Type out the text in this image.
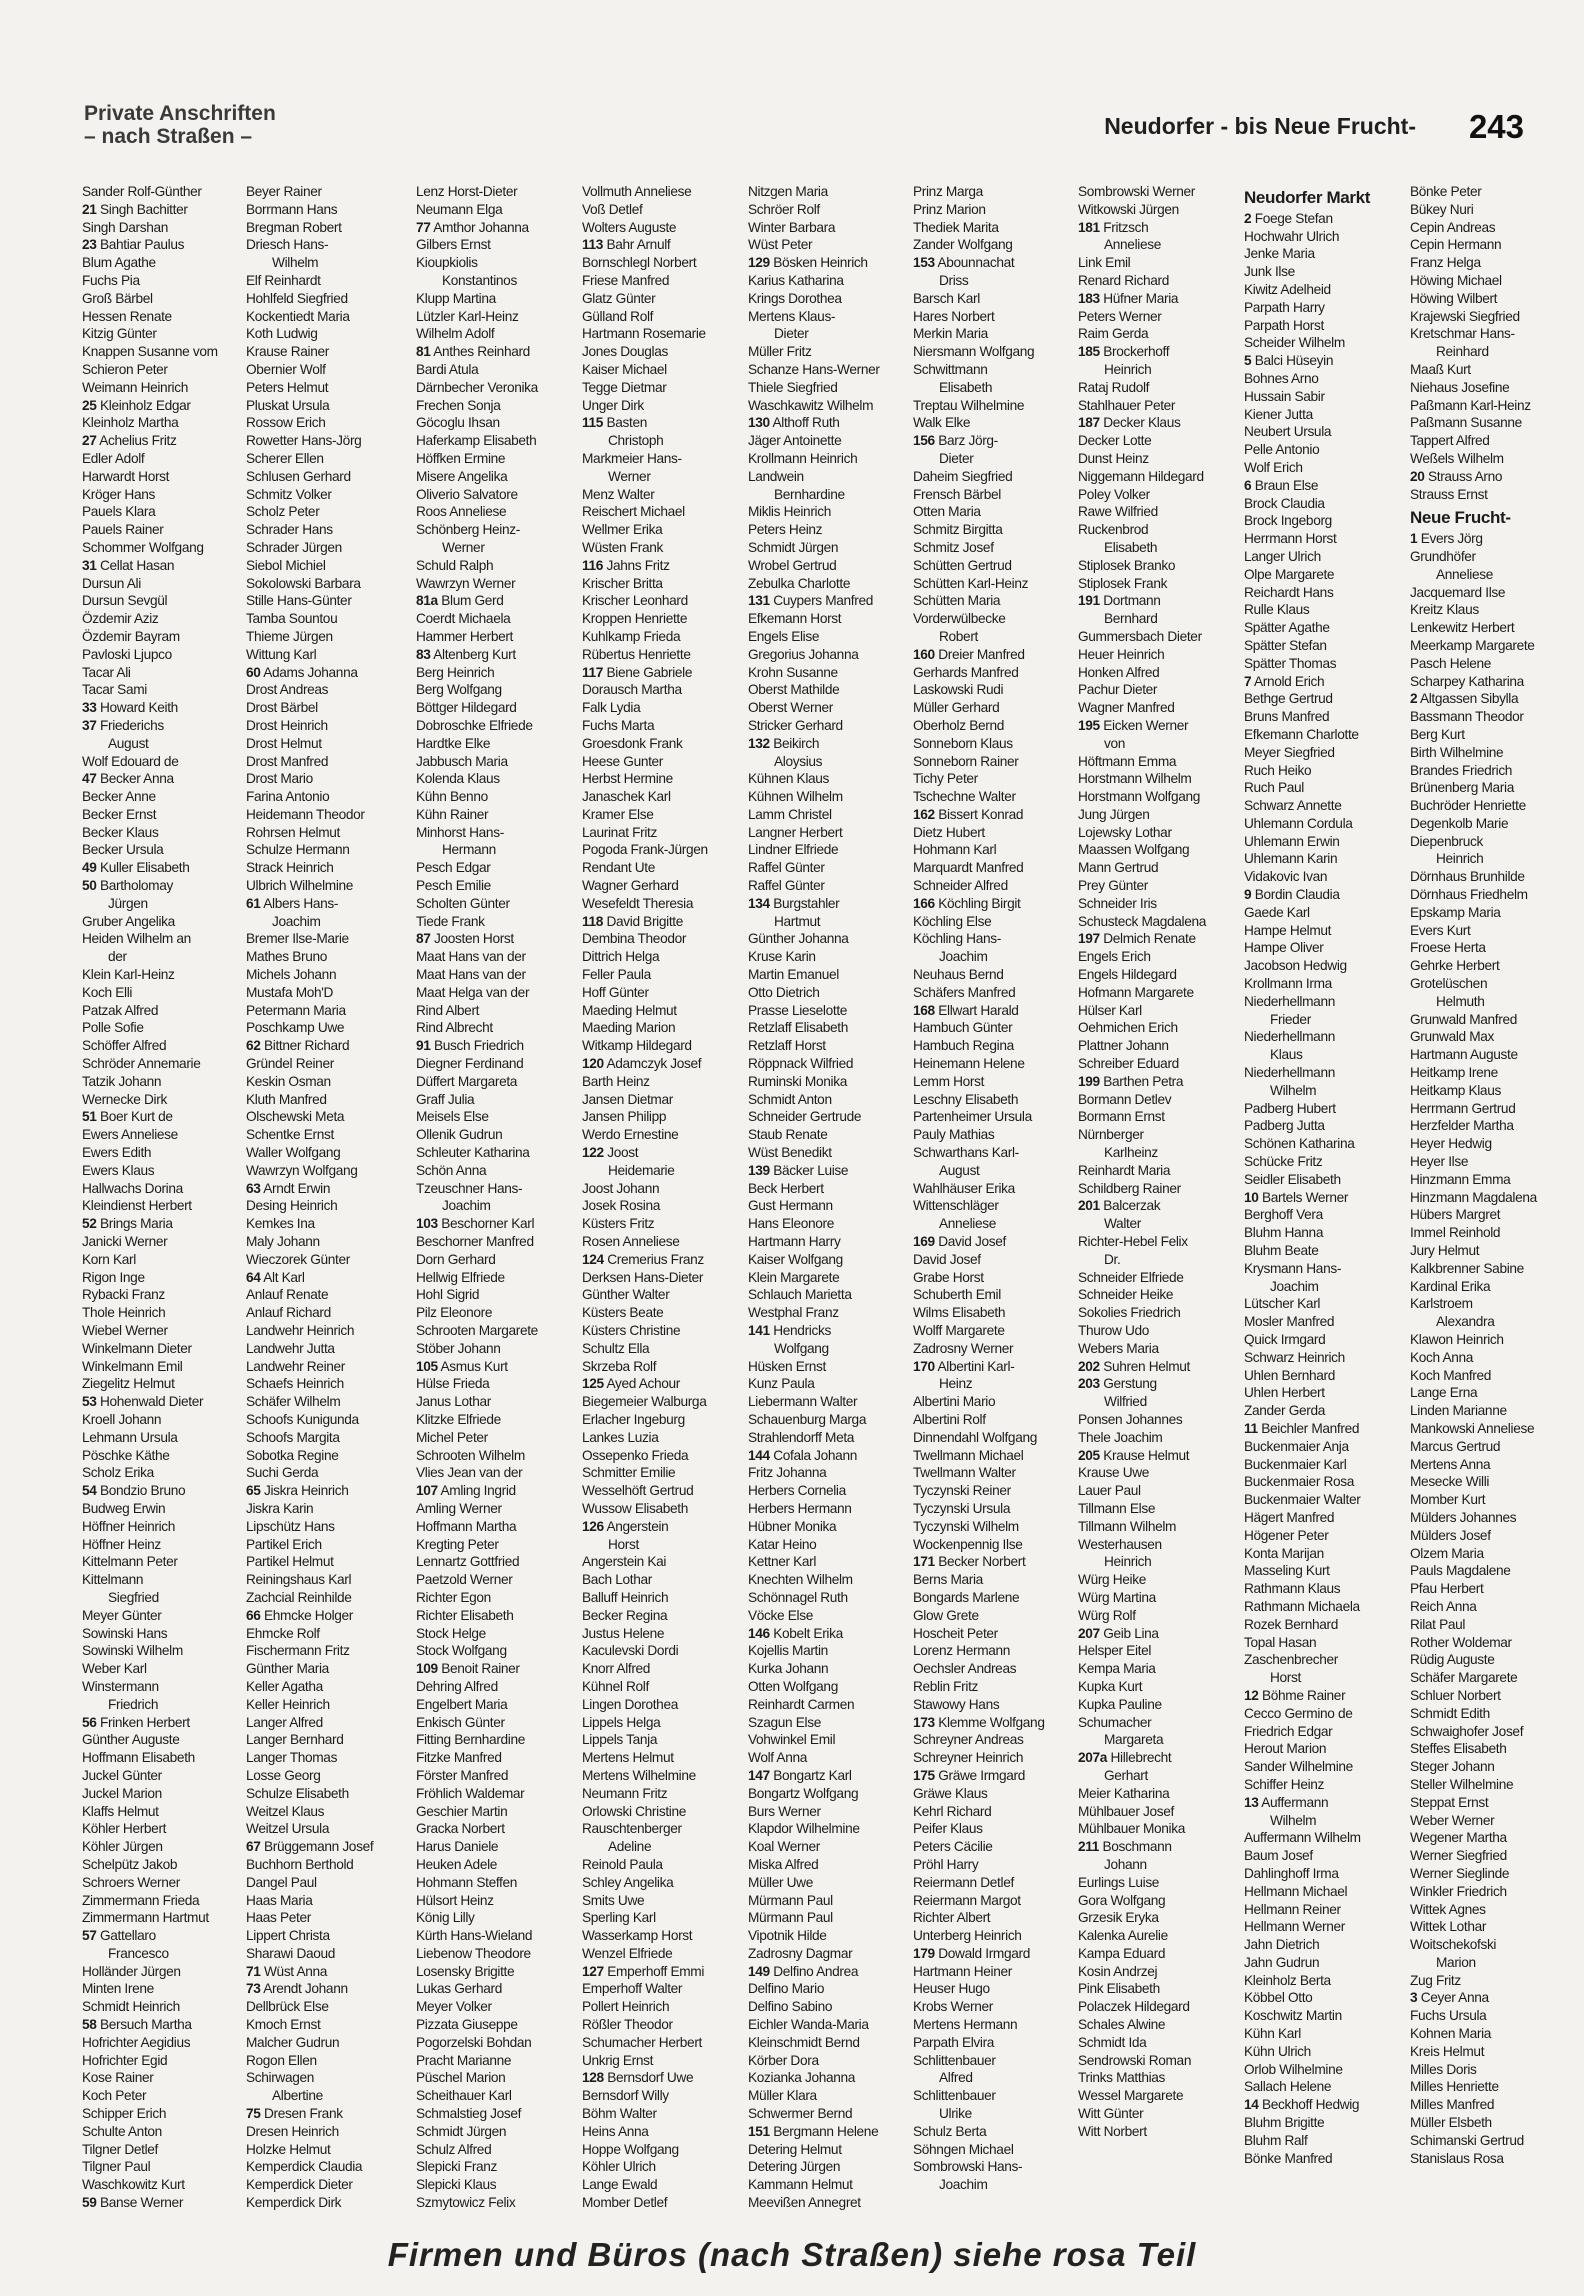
Private Anschriften
– nach Straßen –	Neudorfer - bis Neue Frucht- 243
Sander Rolf-Günther
21 Singh Bachitter
Singh Darshan
23 Bahtiar Paulus
Blum Agathe
Fuchs Pia
Groß Bärbel
Hessen Renate
Kitzig Günter
Knappen Susanne vom
Schieron Peter
Weimann Heinrich
25 Kleinholz Edgar
Kleinholz Martha
27 Achelius Fritz
Edler Adolf
Harwardt Horst
Kröger Hans
Pauels Klara
Pauels Rainer
Schommer Wolfgang
31 Cellat Hasan
Dursun Ali
Dursun Sevgül
Özdemir Aziz
Özdemir Bayram
Pavloski Ljupco
Tacar Ali
Tacar Sami
33 Howard Keith
37 Friederichs
August
Wolf Edouard de
47 Becker Anna
Becker Anne
Becker Ernst
Becker Klaus
Becker Ursula
49 Kuller Elisabeth
50 Bartholomay
Jürgen
Gruber Angelika
Heiden Wilhelm an
der
Klein Karl-Heinz
Koch Elli
Patzak Alfred
Polle Sofie
Schöffer Alfred
Schröder Annemarie
Tatzik Johann
Wernecke Dirk
51 Boer Kurt de
Ewers Anneliese
Ewers Edith
Ewers Klaus
Hallwachs Dorina
Kleindienst Herbert
52 Brings Maria
Janicki Werner
Korn Karl
Rigon Inge
Rybacki Franz
Thole Heinrich
Wiebel Werner
Winkelmann Dieter
Winkelmann Emil
Ziegelitz Helmut
53 Hohenwald Dieter
Kroell Johann
Lehmann Ursula
Pöschke Käthe
Scholz Erika
54 Bondzio Bruno
Budweg Erwin
Höffner Heinrich
Höffner Heinz
Kittelmann Peter
Kittelmann
Siegfried
Meyer Günter
Sowinski Hans
Sowinski Wilhelm
Weber Karl
Winstermann
Friedrich
56 Frinken Herbert
Günther Auguste
Hoffmann Elisabeth
Juckel Günter
Juckel Marion
Klaffs Helmut
Köhler Herbert
Köhler Jürgen
Schelpütz Jakob
Schroers Werner
Zimmermann Frieda
Zimmermann Hartmut
57 Gattellaro
Francesco
Holländer Jürgen
Minten Irene
Schmidt Heinrich
58 Bersuch Martha
Hofrichter Aegidius
Hofrichter Egid
Kose Rainer
Koch Peter
Schipper Erich
Schulte Anton
Tilgner Detlef
Tilgner Paul
Waschkowitz Kurt
59 Banse Werner
Beyer Rainer
Borrmann Hans
Bregman Robert
Driesch Hans-
Wilhelm
Elf Reinhardt
Hohlfeld Siegfried
Kockentiedt Maria
Koth Ludwig
Krause Rainer
Obernier Wolf
Peters Helmut
Pluskat Ursula
Rossow Erich
Rowetter Hans-Jörg
Scherer Ellen
Schlusen Gerhard
Schmitz Volker
Scholz Peter
Schrader Hans
Schrader Jürgen
Siebol Michiel
Sokolowski Barbara
Stille Hans-Günter
Tamba Sountou
Thieme Jürgen
Wittung Karl
60 Adams Johanna
Drost Andreas
Drost Bärbel
Drost Heinrich
Drost Helmut
Drost Manfred
Drost Mario
Farina Antonio
Heidemann Theodor
Rohrsen Helmut
Schulze Hermann
Strack Heinrich
Ulbrich Wilhelmine
61 Albers Hans-
Joachim
Bremer Ilse-Marie
Mathes Bruno
Michels Johann
Mustafa Moh'D
Petermann Maria
Poschkamp Uwe
62 Bittner Richard
Gründel Reiner
Keskin Osman
Kluth Manfred
Olschewski Meta
Schentke Ernst
Waller Wolfgang
Wawrzyn Wolfgang
63 Arndt Erwin
Desing Heinrich
Kemkes Ina
Maly Johann
Wieczorek Günter
64 Alt Karl
Anlauf Renate
Anlauf Richard
Landwehr Heinrich
Landwehr Jutta
Landwehr Reiner
Schaefs Heinrich
Schäfer Wilhelm
Schoofs Kunigunda
Schoofs Margita
Sobotka Regine
Suchi Gerda
65 Jiskra Heinrich
Jiskra Karin
Lipschütz Hans
Partikel Erich
Partikel Helmut
Reiningshaus Karl
Zachcial Reinhilde
66 Ehmcke Holger
Ehmcke Rolf
Fischermann Fritz
Günther Maria
Keller Agatha
Keller Heinrich
Langer Alfred
Langer Bernhard
Langer Thomas
Losse Georg
Schulze Elisabeth
Weitzel Klaus
Weitzel Ursula
67 Brüggemann Josef
Buchhorn Berthold
Dangel Paul
Haas Maria
Haas Peter
Lippert Christa
Sharawi Daoud
71 Wüst Anna
73 Arendt Johann
Dellbrück Else
Kmoch Ernst
Malcher Gudrun
Rogon Ellen
Schirwagen
Albertine
75 Dresen Frank
Dresen Heinrich
Holzke Helmut
Kemperdick Claudia
Kemperdick Dieter
Kemperdick Dirk
Lenz Horst-Dieter
Neumann Elga
77 Amthor Johanna
Gilbers Ernst
Kioupkiolis
Konstantinos
Klupp Martina
Lützler Karl-Heinz
Wilhelm Adolf
81 Anthes Reinhard
Bardi Atula
Därnbecher Veronika
Frechen Sonja
Göcoglu Ihsan
Haferkamp Elisabeth
Höffken Ermine
Misere Angelika
Oliverio Salvatore
Roos Anneliese
Schönberg Heinz-
Werner
Schuld Ralph
Wawrzyn Werner
81a Blum Gerd
Coerdt Michaela
Hammer Herbert
83 Altenberg Kurt
Berg Heinrich
Berg Wolfgang
Böttger Hildegard
Dobroschke Elfriede
Hardtke Elke
Jabbusch Maria
Kolenda Klaus
Kühn Benno
Kühn Rainer
Minhorst Hans-
Hermann
Pesch Edgar
Pesch Emilie
Scholten Günter
Tiede Frank
87 Joosten Horst
Maat Hans van der
Maat Hans van der
Maat Helga van der
Rind Albert
Rind Albrecht
91 Busch Friedrich
Diegner Ferdinand
Düffert Margareta
Graff Julia
Meisels Else
Ollenik Gudrun
Schleuter Katharina
Schön Anna
Tzeuschner Hans-
Joachim
103 Beschorner Karl
Beschorner Manfred
Dorn Gerhard
Hellwig Elfriede
Hohl Sigrid
Pilz Eleonore
Schrooten Margarete
Stöber Johann
105 Asmus Kurt
Hülse Frieda
Janus Lothar
Klitzke Elfriede
Michel Peter
Schrooten Wilhelm
Vlies Jean van der
107 Amling Ingrid
Amling Werner
Hoffmann Martha
Kregting Peter
Lennartz Gottfried
Paetzold Werner
Richter Egon
Richter Elisabeth
Stock Helge
Stock Wolfgang
109 Benoit Rainer
Dehring Alfred
Engelbert Maria
Enkisch Günter
Fitting Bernhardine
Fitzke Manfred
Förster Manfred
Fröhlich Waldemar
Geschier Martin
Gracka Norbert
Harus Daniele
Heuken Adele
Hohmann Steffen
Hülsort Heinz
König Lilly
Kürth Hans-Wieland
Liebenow Theodore
Losensky Brigitte
Lukas Gerhard
Meyer Volker
Pizzata Giuseppe
Pogorzelski Bohdan
Pracht Marianne
Püschel Marion
Scheithauer Karl
Schmalstieg Josef
Schmidt Jürgen
Schulz Alfred
Slepicki Franz
Slepicki Klaus
Szmytowicz Felix
Vollmuth Anneliese
Voß Detlef
Wolters Auguste
113 Bahr Arnulf
Bornschlegl Norbert
Friese Manfred
Glatz Günter
Gülland Rolf
Hartmann Rosemarie
Jones Douglas
Kaiser Michael
Tegge Dietmar
Unger Dirk
115 Basten
Christoph
Markmeier Hans-
Werner
Menz Walter
Reischert Michael
Wellmer Erika
Wüsten Frank
116 Jahns Fritz
Krischer Britta
Krischer Leonhard
Kroppen Henriette
Kuhlkamp Frieda
Rübertus Henriette
117 Biene Gabriele
Dorausch Martha
Falk Lydia
Fuchs Marta
Groesdonk Frank
Heese Gunter
Herbst Hermine
Janaschek Karl
Kramer Else
Laurinat Fritz
Pogoda Frank-Jürgen
Rendant Ute
Wagner Gerhard
Wesefeldt Theresia
118 David Brigitte
Dembina Theodor
Dittrich Helga
Feller Paula
Hoff Günter
Maeding Helmut
Maeding Marion
Witkamp Hildegard
120 Adamczyk Josef
Barth Heinz
Jansen Dietmar
Jansen Philipp
Werdo Ernestine
122 Joost
Heidemarie
Joost Johann
Josek Rosina
Küsters Fritz
Rosen Anneliese
124 Cremerius Franz
Derksen Hans-Dieter
Günther Walter
Küsters Beate
Küsters Christine
Schultz Ella
Skrzeba Rolf
125 Ayed Achour
Biegemeier Walburga
Erlacher Ingeburg
Lankes Luzia
Ossepenko Frieda
Schmitter Emilie
Wesselhöft Gertrud
Wussow Elisabeth
126 Angerstein
Horst
Angerstein Kai
Bach Lothar
Balluff Heinrich
Becker Regina
Justus Helene
Kaculevski Dordi
Knorr Alfred
Kühnel Rolf
Lingen Dorothea
Lippels Helga
Lippels Tanja
Mertens Helmut
Mertens Wilhelmine
Neumann Fritz
Orlowski Christine
Rauschtenberger
Adeline
Reinold Paula
Schley Angelika
Smits Uwe
Sperling Karl
Wasserkamp Horst
Wenzel Elfriede
127 Emperhoff Emmi
Emperhoff Walter
Pollert Heinrich
Rößler Theodor
Schumacher Herbert
Unkrig Ernst
128 Bernsdorf Uwe
Bernsdorf Willy
Böhm Walter
Heins Anna
Hoppe Wolfgang
Köhler Ulrich
Lange Ewald
Momber Detlef
Nitzgen Maria
Schröer Rolf
Winter Barbara
Wüst Peter
129 Bösken Heinrich
Karius Katharina
Krings Dorothea
Mertens Klaus-
Dieter
Müller Fritz
Schanze Hans-Werner
Thiele Siegfried
Waschkawitz Wilhelm
130 Althoff Ruth
Jäger Antoinette
Krollmann Heinrich
Landwein
Bernhardine
Miklis Heinrich
Peters Heinz
Schmidt Jürgen
Wrobel Gertrud
Zebulka Charlotte
131 Cuypers Manfred
Efkemann Horst
Engels Elise
Gregorius Johanna
Krohn Susanne
Oberst Mathilde
Oberst Werner
Stricker Gerhard
132 Beikirch
Aloysius
Kühnen Klaus
Kühnen Wilhelm
Lamm Christel
Langner Herbert
Lindner Elfriede
Raffel Günter
Raffel Günter
134 Burgstahler
Hartmut
Günther Johanna
Kruse Karin
Martin Emanuel
Otto Dietrich
Prasse Lieselotte
Retzlaff Elisabeth
Retzlaff Horst
Röppnack Wilfried
Ruminski Monika
Schmidt Anton
Schneider Gertrude
Staub Renate
Wüst Benedikt
139 Bäcker Luise
Beck Herbert
Gust Hermann
Hans Eleonore
Hartmann Harry
Kaiser Wolfgang
Klein Margarete
Schlauch Marietta
Westphal Franz
141 Hendricks
Wolfgang
Hüsken Ernst
Kunz Paula
Liebermann Walter
Schauenburg Marga
Strahlendorff Meta
144 Cofala Johann
Fritz Johanna
Herbers Cornelia
Herbers Hermann
Hübner Monika
Katar Heino
Kettner Karl
Knechten Wilhelm
Schönnagel Ruth
Vöcke Else
146 Kobelt Erika
Kojellis Martin
Kurka Johann
Otten Wolfgang
Reinhardt Carmen
Szagun Else
Vohwinkel Emil
Wolf Anna
147 Bongartz Karl
Bongartz Wolfgang
Burs Werner
Klapdor Wilhelmine
Koal Werner
Miska Alfred
Müller Uwe
Mürmann Paul
Mürmann Paul
Vipotnik Hilde
Zadrosny Dagmar
149 Delfino Andrea
Delfino Mario
Delfino Sabino
Eichler Wanda-Maria
Kleinschmidt Bernd
Körber Dora
Kozianka Johanna
Müller Klara
Schwermer Bernd
151 Bergmann Helene
Detering Helmut
Detering Jürgen
Kammann Helmut
Meevißen Annegret
Prinz Marga
Prinz Marion
Thediek Marita
Zander Wolfgang
153 Abounnachat
Driss
Barsch Karl
Hares Norbert
Merkin Maria
Niersmann Wolfgang
Schwittmann
Elisabeth
Treptau Wilhelmine
Walk Elke
156 Barz Jörg-
Dieter
Daheim Siegfried
Frensch Bärbel
Otten Maria
Schmitz Birgitta
Schmitz Josef
Schütten Gertrud
Schütten Karl-Heinz
Schütten Maria
Vorderwülbecke
Robert
160 Dreier Manfred
Gerhards Manfred
Laskowski Rudi
Müller Gerhard
Oberholz Bernd
Sonneborn Klaus
Sonneborn Rainer
Tichy Peter
Tschechne Walter
162 Bissert Konrad
Dietz Hubert
Hohmann Karl
Marquardt Manfred
Schneider Alfred
166 Köchling Birgit
Köchling Else
Köchling Hans-
Joachim
Neuhaus Bernd
Schäfers Manfred
168 Ellwart Harald
Hambuch Günter
Hambuch Regina
Heinemann Helene
Lemm Horst
Leschny Elisabeth
Partenheimer Ursula
Pauly Mathias
Schwarthans Karl-
August
Wahlhäuser Erika
Wittenschläger
Anneliese
169 David Josef
David Josef
Grabe Horst
Schuberth Emil
Wilms Elisabeth
Wolff Margarete
Zadrosny Werner
170 Albertini Karl-
Heinz
Albertini Mario
Albertini Rolf
Dinnendahl Wolfgang
Twellmann Michael
Twellmann Walter
Tyczynski Reiner
Tyczynski Ursula
Tyczynski Wilhelm
Wockenpennig Ilse
171 Becker Norbert
Berns Maria
Bongards Marlene
Glow Grete
Hoscheit Peter
Lorenz Hermann
Oechsler Andreas
Reblin Fritz
Stawowy Hans
173 Klemme Wolfgang
Schreyner Andreas
Schreyner Heinrich
175 Gräwe Irmgard
Gräwe Klaus
Kehrl Richard
Peifer Klaus
Peters Cäcilie
Pröhl Harry
Reiermann Detlef
Reiermann Margot
Richter Albert
Unterberg Heinrich
179 Dowald Irmgard
Hartmann Heiner
Heuser Hugo
Krobs Werner
Mertens Hermann
Parpath Elvira
Schlittenbauer
Alfred
Schlittenbauer
Ulrike
Schulz Berta
Söhngen Michael
Sombrowski Hans-
Joachim
Sombrowski Werner
Witkowski Jürgen
181 Fritzsch
Anneliese
Link Emil
Renard Richard
183 Hüfner Maria
Peters Werner
Raim Gerda
185 Brockerhoff
Heinrich
Rataj Rudolf
Stahlhauer Peter
187 Decker Klaus
Decker Lotte
Dunst Heinz
Niggemann Hildegard
Poley Volker
Rawe Wilfried
Ruckenbrod
Elisabeth
Stiplosek Branko
Stiplosek Frank
191 Dortmann
Bernhard
Gummersbach Dieter
Heuer Heinrich
Honken Alfred
Pachur Dieter
Wagner Manfred
195 Eicken Werner
von
Höftmann Emma
Horstmann Wilhelm
Horstmann Wolfgang
Jung Jürgen
Lojewsky Lothar
Maassen Wolfgang
Mann Gertrud
Prey Günter
Schneider Iris
Schusteck Magdalena
197 Delmich Renate
Engels Erich
Engels Hildegard
Hofmann Margarete
Hülser Karl
Oehmichen Erich
Plattner Johann
Schreiber Eduard
199 Barthen Petra
Bormann Detlev
Bormann Ernst
Nürnberger
Karlheinz
Reinhardt Maria
Schildberg Rainer
201 Balcerzak
Walter
Richter-Hebel Felix
Dr.
Schneider Elfriede
Schneider Heike
Sokolies Friedrich
Thurow Udo
Webers Maria
202 Suhren Helmut
203 Gerstung
Wilfried
Ponsen Johannes
Thele Joachim
205 Krause Helmut
Krause Uwe
Lauer Paul
Tillmann Else
Tillmann Wilhelm
Westerhausen
Heinrich
Würg Heike
Würg Martina
Würg Rolf
207 Geib Lina
Helsper Eitel
Kempa Maria
Kupka Kurt
Kupka Pauline
Schumacher
Margareta
207a Hillebrecht
Gerhart
Meier Katharina
Mühlbauer Josef
Mühlbauer Monika
211 Boschmann
Johann
Eurlings Luise
Gora Wolfgang
Grzesik Eryka
Kalenka Aurelie
Kampa Eduard
Kosin Andrzej
Pink Elisabeth
Polaczek Hildegard
Schales Alwine
Schmidt Ida
Sendrowski Roman
Trinks Matthias
Wessel Margarete
Witt Günter
Witt Norbert
Neudorfer Markt
2 Foege Stefan
Hochwahr Ulrich
Jenke Maria
Junk Ilse
Kiwitz Adelheid
Parpath Harry
Parpath Horst
Scheider Wilhelm
5 Balci Hüseyin
Bohnes Arno
Hussain Sabir
Kiener Jutta
Neubert Ursula
Pelle Antonio
Wolf Erich
6 Braun Else
Brock Claudia
Brock Ingeborg
Herrmann Horst
Langer Ulrich
Olpe Margarete
Reichardt Hans
Rulle Klaus
Spätter Agathe
Spätter Stefan
Spätter Thomas
7 Arnold Erich
Bethge Gertrud
Bruns Manfred
Efkemann Charlotte
Meyer Siegfried
Ruch Heiko
Ruch Paul
Schwarz Annette
Uhlemann Cordula
Uhlemann Erwin
Uhlemann Karin
Vidakovic Ivan
9 Bordin Claudia
Gaede Karl
Hampe Helmut
Hampe Oliver
Jacobson Hedwig
Krollmann Irma
Niederhellmann
Frieder
Niederhellmann
Klaus
Niederhellmann
Wilhelm
Padberg Hubert
Padberg Jutta
Schönen Katharina
Schücke Fritz
Seidler Elisabeth
10 Bartels Werner
Berghoff Vera
Bluhm Hanna
Bluhm Beate
Krysmann Hans-
Joachim
Lütscher Karl
Mosler Manfred
Quick Irmgard
Schwarz Heinrich
Uhlen Bernhard
Uhlen Herbert
Zander Gerda
11 Beichler Manfred
Buckenmaier Anja
Buckenmaier Karl
Buckenmaier Rosa
Buckenmaier Walter
Hägert Manfred
Högener Peter
Konta Marijan
Masseling Kurt
Rathmann Klaus
Rathmann Michaela
Rozek Bernhard
Topal Hasan
Zaschenbrecher
Horst
12 Böhme Rainer
Cecco Germino de
Friedrich Edgar
Herout Marion
Sander Wilhelmine
Schiffer Heinz
13 Auffermann
Wilhelm
Auffermann Wilhelm
Baum Josef
Dahlinghoff Irma
Hellmann Michael
Hellmann Reiner
Hellmann Werner
Jahn Dietrich
Jahn Gudrun
Kleinholz Berta
Köbbel Otto
Koschwitz Martin
Kühn Karl
Kühn Ulrich
Orlob Wilhelmine
Sallach Helene
14 Beckhoff Hedwig
Bluhm Brigitte
Bluhm Ralf
Bönke Manfred
Bönke Peter
Bükey Nuri
Cepin Andreas
Cepin Hermann
Franz Helga
Höwing Michael
Höwing Wilbert
Krajewski Siegfried
Kretschmar Hans-
Reinhard
Maaß Kurt
Niehaus Josefine
Paßmann Karl-Heinz
Paßmann Susanne
Tappert Alfred
Weßels Wilhelm
20 Strauss Arno
Strauss Ernst
Neue Frucht-
1 Evers Jörg
Grundhöfer
Anneliese
Jacquemard Ilse
Kreitz Klaus
Lenkewitz Herbert
Meerkamp Margarete
Pasch Helene
Scharpey Katharina
2 Altgassen Sibylla
Bassmann Theodor
Berg Kurt
Birth Wilhelmine
Brandes Friedrich
Brünenberg Maria
Buchröder Henriette
Degenkolb Marie
Diepenbruck
Heinrich
Dörnhaus Brunhilde
Dörnhaus Friedhelm
Epskamp Maria
Evers Kurt
Froese Herta
Gehrke Herbert
Grotelüschen
Helmuth
Grunwald Manfred
Grunwald Max
Hartmann Auguste
Heitkamp Irene
Heitkamp Klaus
Herrmann Gertrud
Herzfelder Martha
Heyer Hedwig
Heyer Ilse
Hinzmann Emma
Hinzmann Magdalena
Hübers Margret
Immel Reinhold
Jury Helmut
Kalkbrenner Sabine
Kardinal Erika
Karlstroem
Alexandra
Klawon Heinrich
Koch Anna
Koch Manfred
Lange Erna
Linden Marianne
Mankowski Anneliese
Marcus Gertrud
Mertens Anna
Mesecke Willi
Momber Kurt
Mülders Johannes
Mülders Josef
Olzem Maria
Pauls Magdalene
Pfau Herbert
Reich Anna
Rilat Paul
Rother Woldemar
Rüdig Auguste
Schäfer Margarete
Schluer Norbert
Schmidt Edith
Schwaighofer Josef
Steffes Elisabeth
Steger Johann
Steller Wilhelmine
Steppat Ernst
Weber Werner
Wegener Martha
Werner Siegfried
Werner Sieglinde
Winkler Friedrich
Wittek Agnes
Wittek Lothar
Woitschekofski
Marion
Zug Fritz
3 Ceyer Anna
Fuchs Ursula
Kohnen Maria
Kreis Helmut
Milles Doris
Milles Henriette
Milles Manfred
Müller Elsbeth
Schimanski Gertrud
Stanislaus Rosa
Firmen und Büros (nach Straßen) siehe rosa Teil
